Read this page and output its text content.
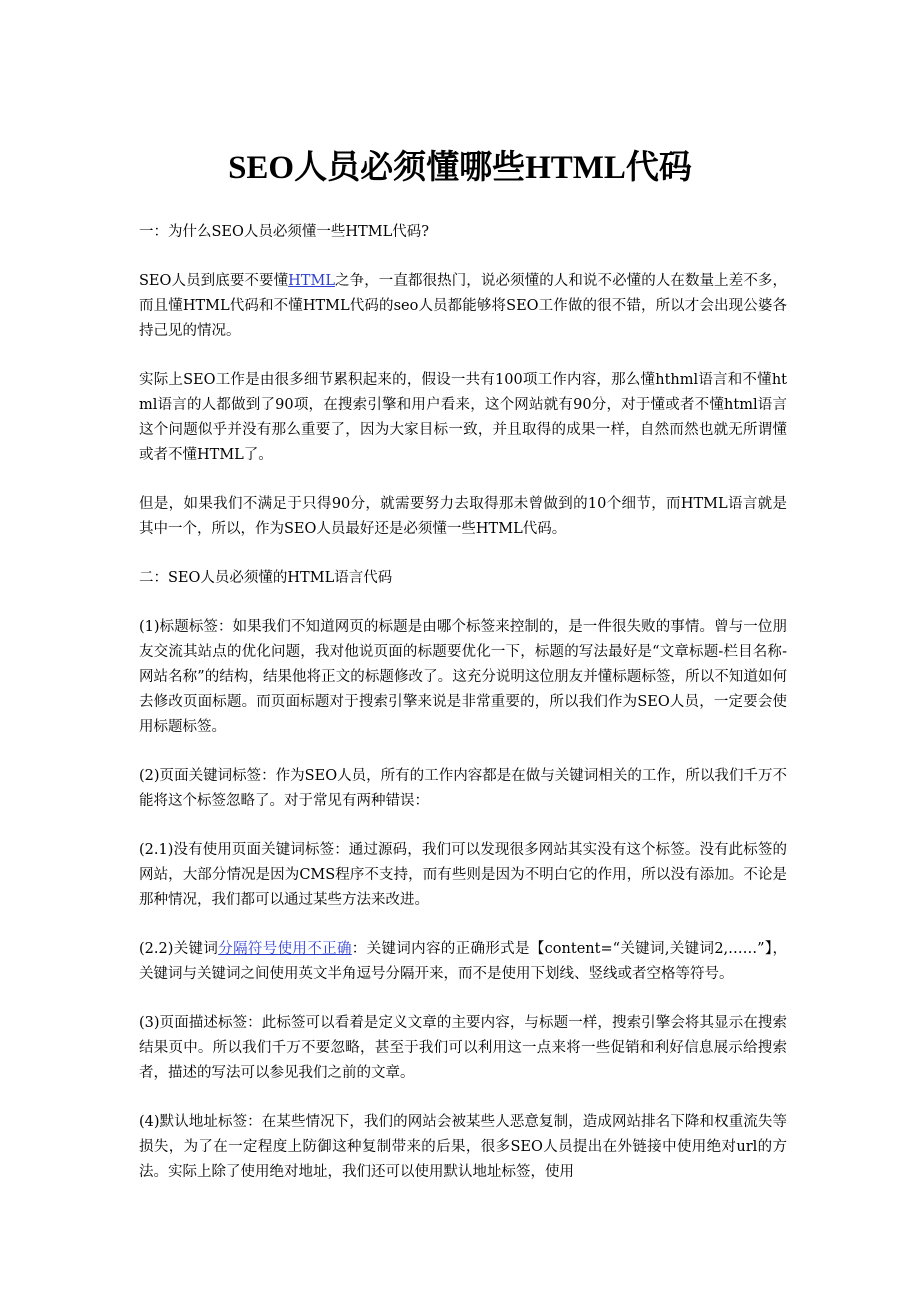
SEO人员必须懂哪些HTML代码

一：为什么SEO人员必须懂一些HTML代码?

SEO人员到底要不要懂HTML之争，一直都很热门，说必须懂的人和说不必懂的人在数量上差不多，而且懂HTML代码和不懂HTML代码的seo人员都能够将SEO工作做的很不错，所以才会出现公婆各持己见的情况。

实际上SEO工作是由很多细节累积起来的，假设一共有100项工作内容，那么懂hthml语言和不懂html语言的人都做到了90项，在搜索引擎和用户看来，这个网站就有90分，对于懂或者不懂html语言这个问题似乎并没有那么重要了，因为大家目标一致，并且取得的成果一样，自然而然也就无所谓懂或者不懂HTML了。

但是，如果我们不满足于只得90分，就需要努力去取得那未曾做到的10个细节，而HTML语言就是其中一个，所以，作为SEO人员最好还是必须懂一些HTML代码。

二：SEO人员必须懂的HTML语言代码

(1)标题标签：如果我们不知道网页的标题是由哪个标签来控制的，是一件很失败的事情。曾与一位朋友交流其站点的优化问题，我对他说页面的标题要优化一下，标题的写法最好是“文章标题-栏目名称-网站名称”的结构，结果他将正文的标题修改了。这充分说明这位朋友并懂标题标签，所以不知道如何去修改页面标题。而页面标题对于搜索引擎来说是非常重要的，所以我们作为SEO人员，一定要会使用标题标签。

(2)页面关键词标签：作为SEO人员，所有的工作内容都是在做与关键词相关的工作，所以我们千万不能将这个标签忽略了。对于常见有两种错误：

(2.1)没有使用页面关键词标签：通过源码，我们可以发现很多网站其实没有这个标签。没有此标签的网站，大部分情况是因为CMS程序不支持，而有些则是因为不明白它的作用，所以没有添加。不论是那种情况，我们都可以通过某些方法来改进。

(2.2)关键词分隔符号使用不正确：关键词内容的正确形式是【content=“关键词,关键词2,……”】，关键词与关键词之间使用英文半角逗号分隔开来，而不是使用下划线、竖线或者空格等符号。

(3)页面描述标签：此标签可以看着是定义文章的主要内容，与标题一样，搜索引擎会将其显示在搜索结果页中。所以我们千万不要忽略，甚至于我们可以利用这一点来将一些促销和利好信息展示给搜索者，描述的写法可以参见我们之前的文章。

(4)默认地址标签：在某些情况下，我们的网站会被某些人恶意复制，造成网站排名下降和权重流失等损失，为了在一定程度上防御这种复制带来的后果，很多SEO人员提出在外链接中使用绝对url的方法。实际上除了使用绝对地址，我们还可以使用默认地址标签，使用
